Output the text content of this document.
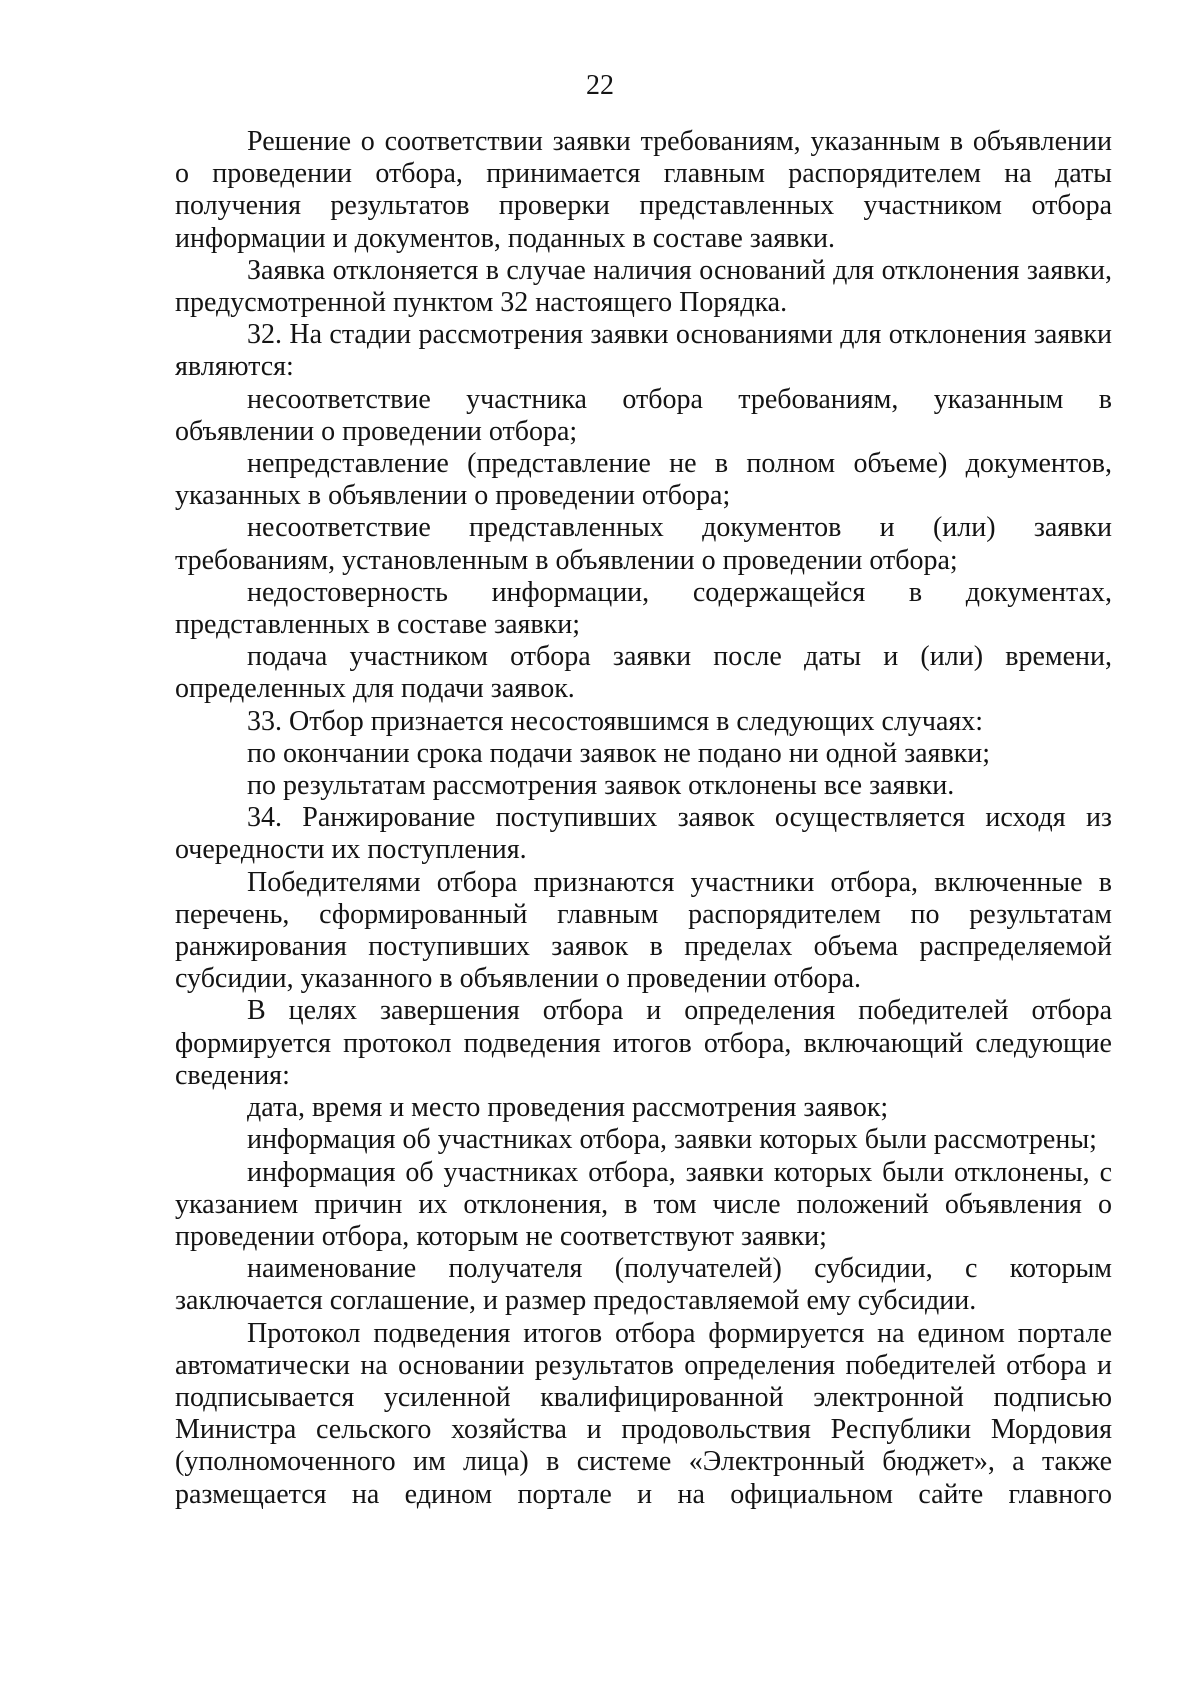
22

Решение о соответствии заявки требованиям, указанным в объявлении о проведении отбора, принимается главным распорядителем на даты получения результатов проверки представленных участником отбора информации и документов, поданных в составе заявки.

Заявка отклоняется в случае наличия оснований для отклонения заявки, предусмотренной пунктом 32 настоящего Порядка.

32. На стадии рассмотрения заявки основаниями для отклонения заявки являются:

несоответствие участника отбора требованиям, указанным в объявлении о проведении отбора;

непредставление (представление не в полном объеме) документов, указанных в объявлении о проведении отбора;

несоответствие представленных документов и (или) заявки требованиям, установленным в объявлении о проведении отбора;

недостоверность информации, содержащейся в документах, представленных в составе заявки;

подача участником отбора заявки после даты и (или) времени, определенных для подачи заявок.

33. Отбор признается несостоявшимся в следующих случаях:

по окончании срока подачи заявок не подано ни одной заявки;

по результатам рассмотрения заявок отклонены все заявки.

34. Ранжирование поступивших заявок осуществляется исходя из очередности их поступления.

Победителями отбора признаются участники отбора, включенные в перечень, сформированный главным распорядителем по результатам ранжирования поступивших заявок в пределах объема распределяемой субсидии, указанного в объявлении о проведении отбора.

В целях завершения отбора и определения победителей отбора формируется протокол подведения итогов отбора, включающий следующие сведения:

дата, время и место проведения рассмотрения заявок;

информация об участниках отбора, заявки которых были рассмотрены;

информация об участниках отбора, заявки которых были отклонены, с указанием причин их отклонения, в том числе положений объявления о проведении отбора, которым не соответствуют заявки;

наименование получателя (получателей) субсидии, с которым заключается соглашение, и размер предоставляемой ему субсидии.

Протокол подведения итогов отбора формируется на едином портале автоматически на основании результатов определения победителей отбора и подписывается усиленной квалифицированной электронной подписью Министра сельского хозяйства и продовольствия Республики Мордовия (уполномоченного им лица) в системе «Электронный бюджет», а также размещается на едином портале и на официальном сайте главного
